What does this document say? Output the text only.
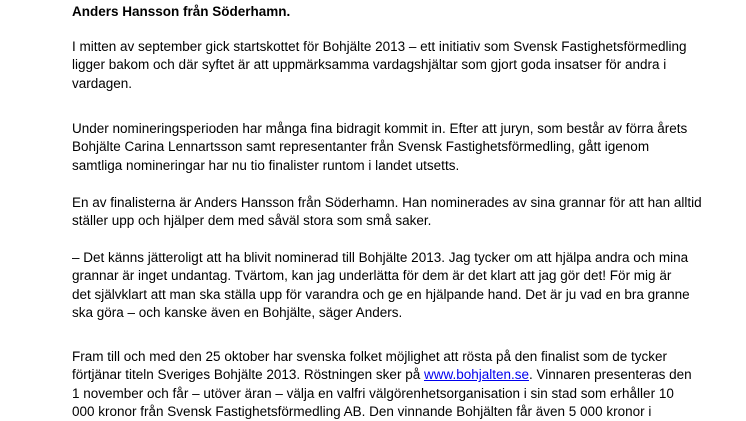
Anders Hansson från Söderhamn.

I mitten av september gick startskottet för Bohjälte 2013 – ett initiativ som Svensk Fastighetsförmedling
ligger bakom och där syftet är att uppmärksamma vardagshjältar som gjort goda insatser för andra i
vardagen.

Under nomineringsperioden har många fina bidragit kommit in. Efter att juryn, som består av förra årets
Bohjälte Carina Lennartsson samt representanter från Svensk Fastighetsförmedling, gått igenom
samtliga nomineringar har nu tio finalister runtom i landet utsetts.

En av finalisterna är Anders Hansson från Söderhamn. Han nominerades av sina grannar för att han alltid
ställer upp och hjälper dem med såväl stora som små saker.

– Det känns jätteroligt att ha blivit nominerad till Bohjälte 2013. Jag tycker om att hjälpa andra och mina
grannar är inget undantag. Tvärtom, kan jag underlätta för dem är det klart att jag gör det! För mig är
det självklart att man ska ställa upp för varandra och ge en hjälpande hand. Det är ju vad en bra granne
ska göra – och kanske även en Bohjälte, säger Anders.

Fram till och med den 25 oktober har svenska folket möjlighet att rösta på den finalist som de tycker
förtjänar titeln Sveriges Bohjälte 2013. Röstningen sker på www.bohjalten.se. Vinnaren presenteras den
1 november och får – utöver äran – välja en valfri välgörenhetsorganisation i sin stad som erhåller 10
000 kronor från Svensk Fastighetsförmedling AB. Den vinnande Bohjälten får även 5 000 kronor i
